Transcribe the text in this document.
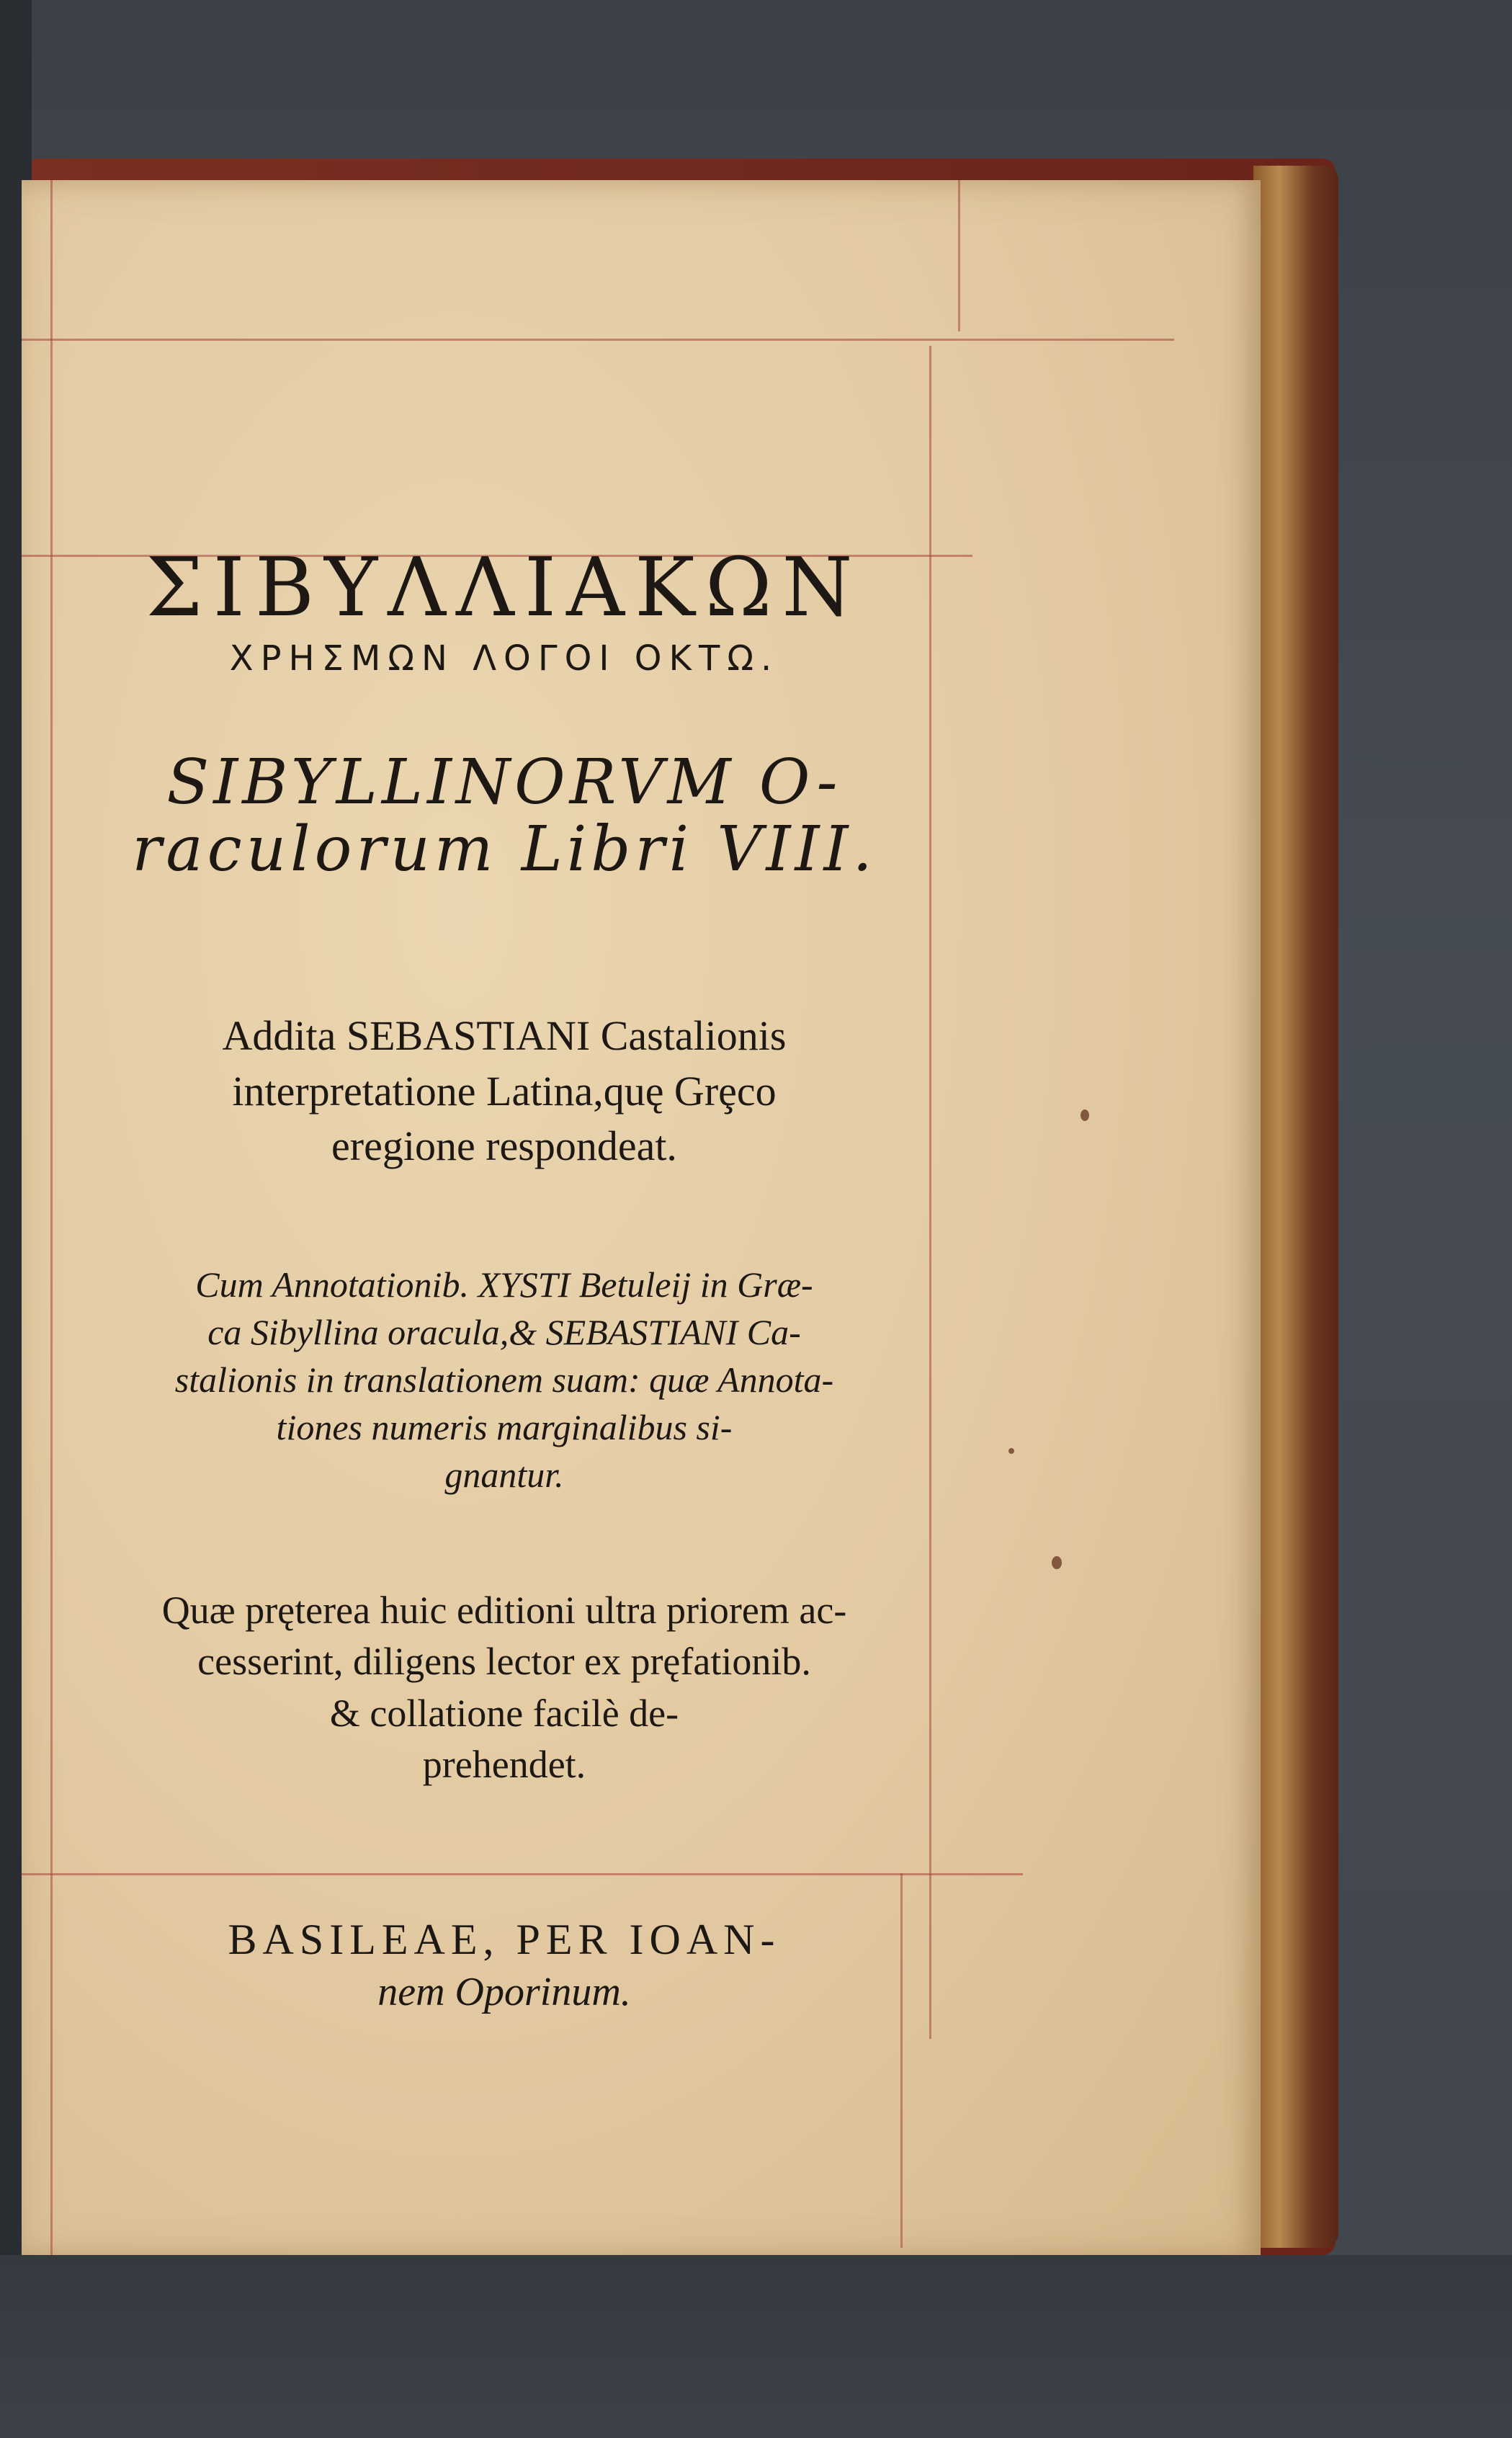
ΣΙΒΥΛΛΙΑΚΩΝ
ΧΡΗΣΜΩΝ ΛΟΓΟΙ ΟΚΤΩ.
SIBYLLINORVM O-
raculorum Libri VIII.
Addita SEBASTIANI Castalionis
interpretatione Latina,quę Grȩco
eregione respondeat.
Cum Annotationib. XYSTI Betuleij in Græ-
ca Sibyllina oracula,& SEBASTIANI Ca-
stalionis in translationem suam: quæ Annota-
tiones numeris marginalibus si-
gnantur.
Quæ pręterea huic editioni ultra priorem ac-
cesserint, diligens lector ex pręfationib.
& collatione facilè de-
prehendet.
BASILEAE, PER IOAN-
nem Oporinum.
